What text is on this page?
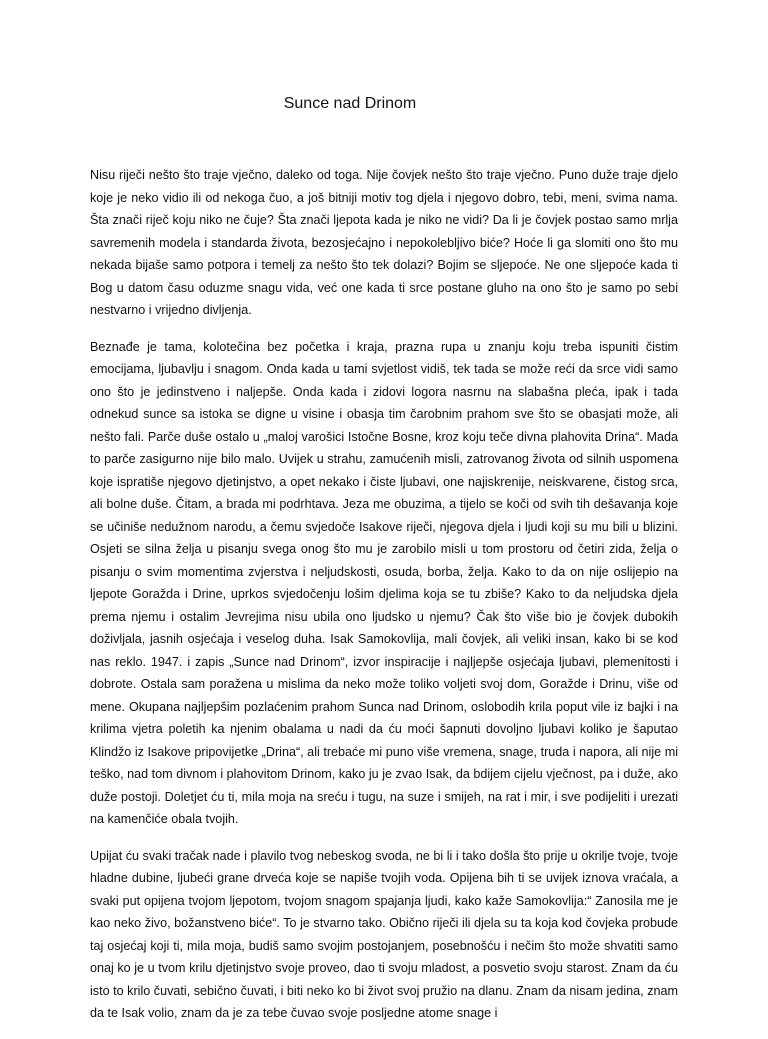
Sunce nad Drinom

Nisu riječi nešto što traje vječno, daleko od toga. Nije čovjek nešto što traje vječno. Puno duže traje djelo koje je neko vidio ili od nekoga čuo, a još bitniji motiv tog djela i njegovo dobro, tebi, meni, svima nama. Šta znači riječ koju niko ne čuje? Šta znači ljepota kada je niko ne vidi? Da li je čovjek postao samo mrlja savremenih modela i standarda života, bezosjećajno i nepokolebljivo biće? Hoće li ga slomiti ono što mu nekada bijaše samo potpora i temelj za nešto što tek dolazi? Bojim se sljepoće. Ne one sljepoće kada ti Bog u datom času oduzme snagu vida, već one kada ti srce postane gluho na ono što je samo po sebi nestvarno i vrijedno divljenja.

Beznađe je tama, kolotečina bez početka i kraja, prazna rupa u znanju koju treba ispuniti čistim emocijama, ljubavlju i snagom. Onda kada u tami svjetlost vidiš, tek tada se može reći da srce vidi samo ono što je jedinstveno i naljepše. Onda kada i zidovi logora nasrnu na slabašna pleća, ipak i tada odnekud sunce sa istoka se digne u visine i obasja tim čarobnim prahom sve što se obasjati može, ali nešto fali. Parče duše ostalo u „maloj varošici Istočne Bosne, kroz koju teče divna plahovita Drina“. Mada to parče zasigurno nije bilo malo. Uvijek u strahu, zamućenih misli, zatrovanog života od silnih uspomena koje ispratiše njegovo djetinjstvo, a opet nekako i čiste ljubavi, one najiskrenije, neiskvarene, čistog srca, ali bolne duše. Čitam, a brada mi podrhtava. Jeza me obuzima, a tijelo se koči od svih tih dešavanja koje se učiniše nedužnom narodu, a čemu svjedoče Isakove riječi, njegova djela i ljudi koji su mu bili u blizini. Osjeti se silna želja u pisanju svega onog što mu je zarobilo misli u tom prostoru od četiri zida, želja o pisanju o svim momentima zvjerstva i neljudskosti, osuda, borba, želja. Kako to da on nije oslijepio na ljepote Goražda i Drine, uprkos svjedočenju lošim djelima koja se tu zbiše? Kako to da neljudska djela prema njemu i ostalim Jevrejima nisu ubila ono ljudsko u njemu? Čak što više bio je čovjek dubokih doživljala, jasnih osjećaja i veselog duha. Isak Samokovlija, mali čovjek, ali veliki insan, kako bi se kod nas reklo. 1947. i zapis „Sunce nad Drinom“, izvor inspiracije i najljepše osjećaja ljubavi, plemenitosti i dobrote. Ostala sam poražena u mislima da neko može toliko voljeti svoj dom, Goražde i Drinu, više od mene. Okupana najljepšim pozlaćenim prahom Sunca nad Drinom, oslobodih krila poput vile iz bajki i na krilima vjetra poletih ka njenim obalama u nadi da ću moći šapnuti dovoljno ljubavi koliko je šaputao Klindžo iz Isakove pripovijetke „Drina“, ali trebaće mi puno više vremena, snage, truda i napora, ali nije mi teško, nad tom divnom i plahovitom Drinom, kako ju je zvao Isak, da bdijem cijelu vječnost, pa i duže, ako duže postoji. Doletjet ću ti, mila moja na sreću i tugu, na suze i smijeh, na rat i mir, i sve podijeliti i urezati na kamenčiće obala tvojih.

Upijat ću svaki tračak nade i plavilo tvog nebeskog svoda, ne bi li i tako došla što prije u okrilje tvoje, tvoje hladne dubine, ljubeći grane drveća koje se napiše tvojih voda. Opijena bih ti se uvijek iznova vraćala, a svaki put opijena tvojom ljepotom, tvojom snagom spajanja ljudi, kako kaže Samokovlija:“ Zanosila me je kao neko živo, božanstveno biće“. To je stvarno tako. Obično riječi ili djela su ta koja kod čovjeka probude taj osjećaj koji ti, mila moja, budiš samo svojim postojanjem, posebnošću i nečim što može shvatiti samo onaj ko je u tvom krilu djetinjstvo svoje proveo, dao ti svoju mladost, a posvetio svoju starost. Znam da ću isto to krilo čuvati, sebično čuvati, i biti neko ko bi život svoj pružio na dlanu. Znam da nisam jedina, znam da te Isak volio, znam da je za tebe čuvao svoje posljedne atome snage i
